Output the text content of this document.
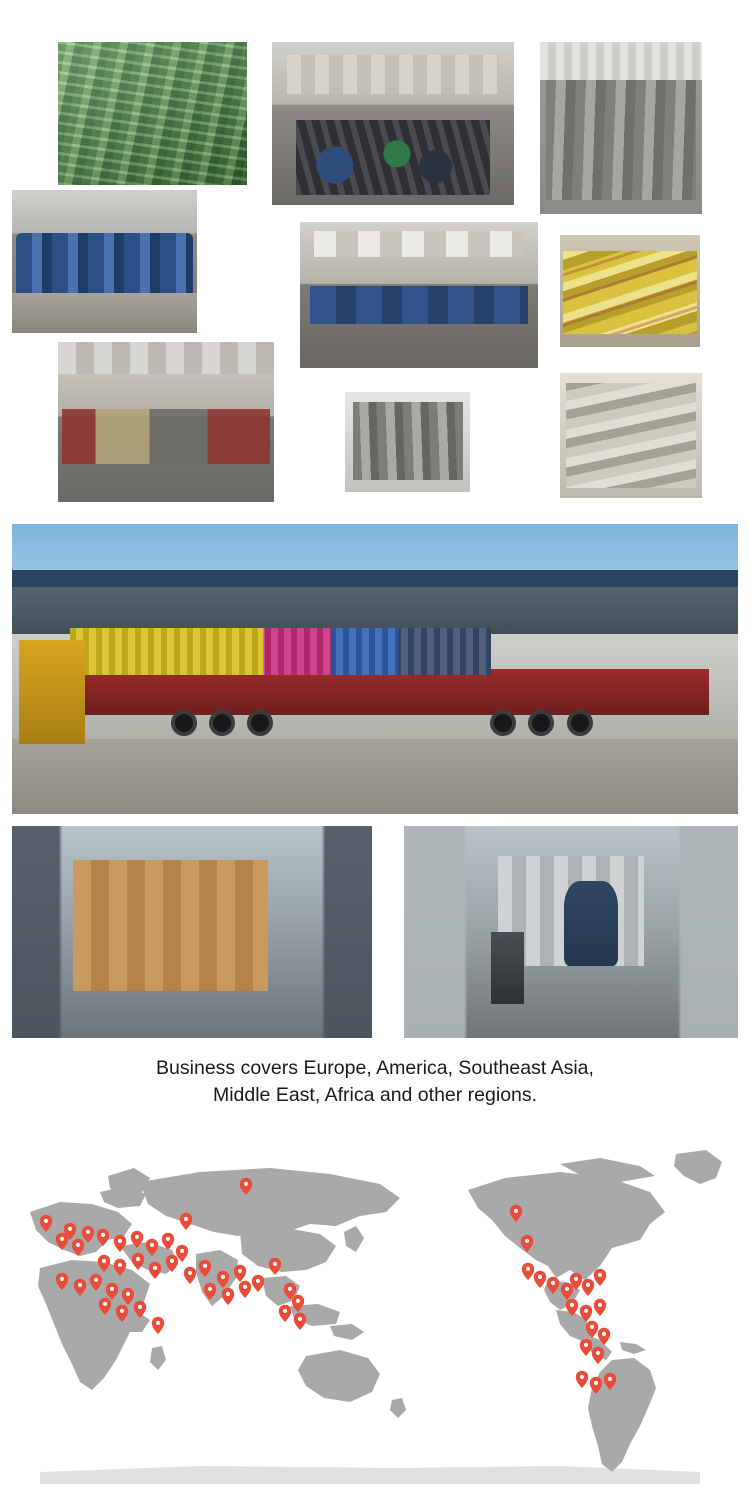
Business covers Europe, America, Southeast Asia,
Middle East, Africa and other regions.
